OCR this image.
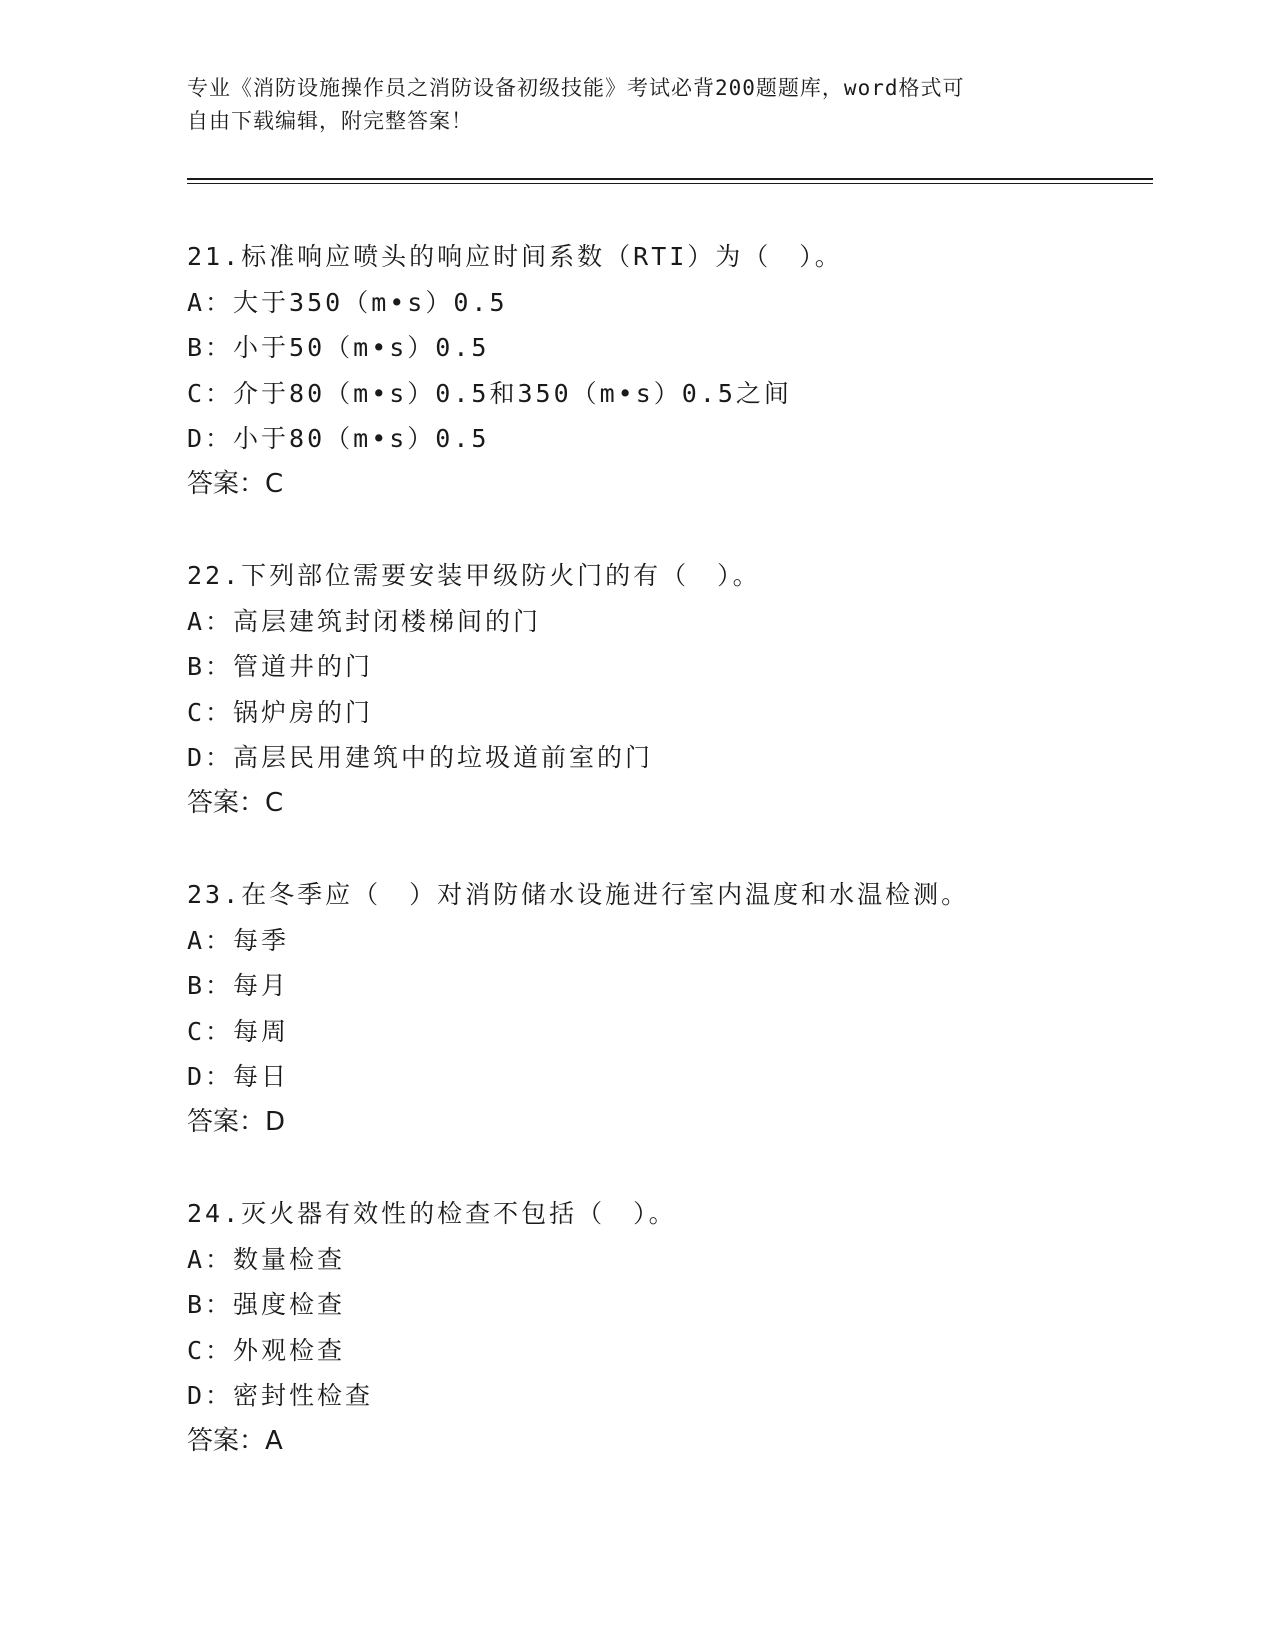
专业《消防设施操作员之消防设备初级技能》考试必背200题题库，word格式可
自由下载编辑，附完整答案！
21.标准响应喷头的响应时间系数（RTI）为（　）。
A：大于350（m•s）0.5
B：小于50（m•s）0.5
C：介于80（m•s）0.5和350（m•s）0.5之间
D：小于80（m•s）0.5
答案：C
22.下列部位需要安装甲级防火门的有（　）。
A：高层建筑封闭楼梯间的门
B：管道井的门
C：锅炉房的门
D：高层民用建筑中的垃圾道前室的门
答案：C
23.在冬季应（　）对消防储水设施进行室内温度和水温检测。
A：每季
B：每月
C：每周
D：每日
答案：D
24.灭火器有效性的检查不包括（　）。
A：数量检查
B：强度检查
C：外观检查
D：密封性检查
答案：A
